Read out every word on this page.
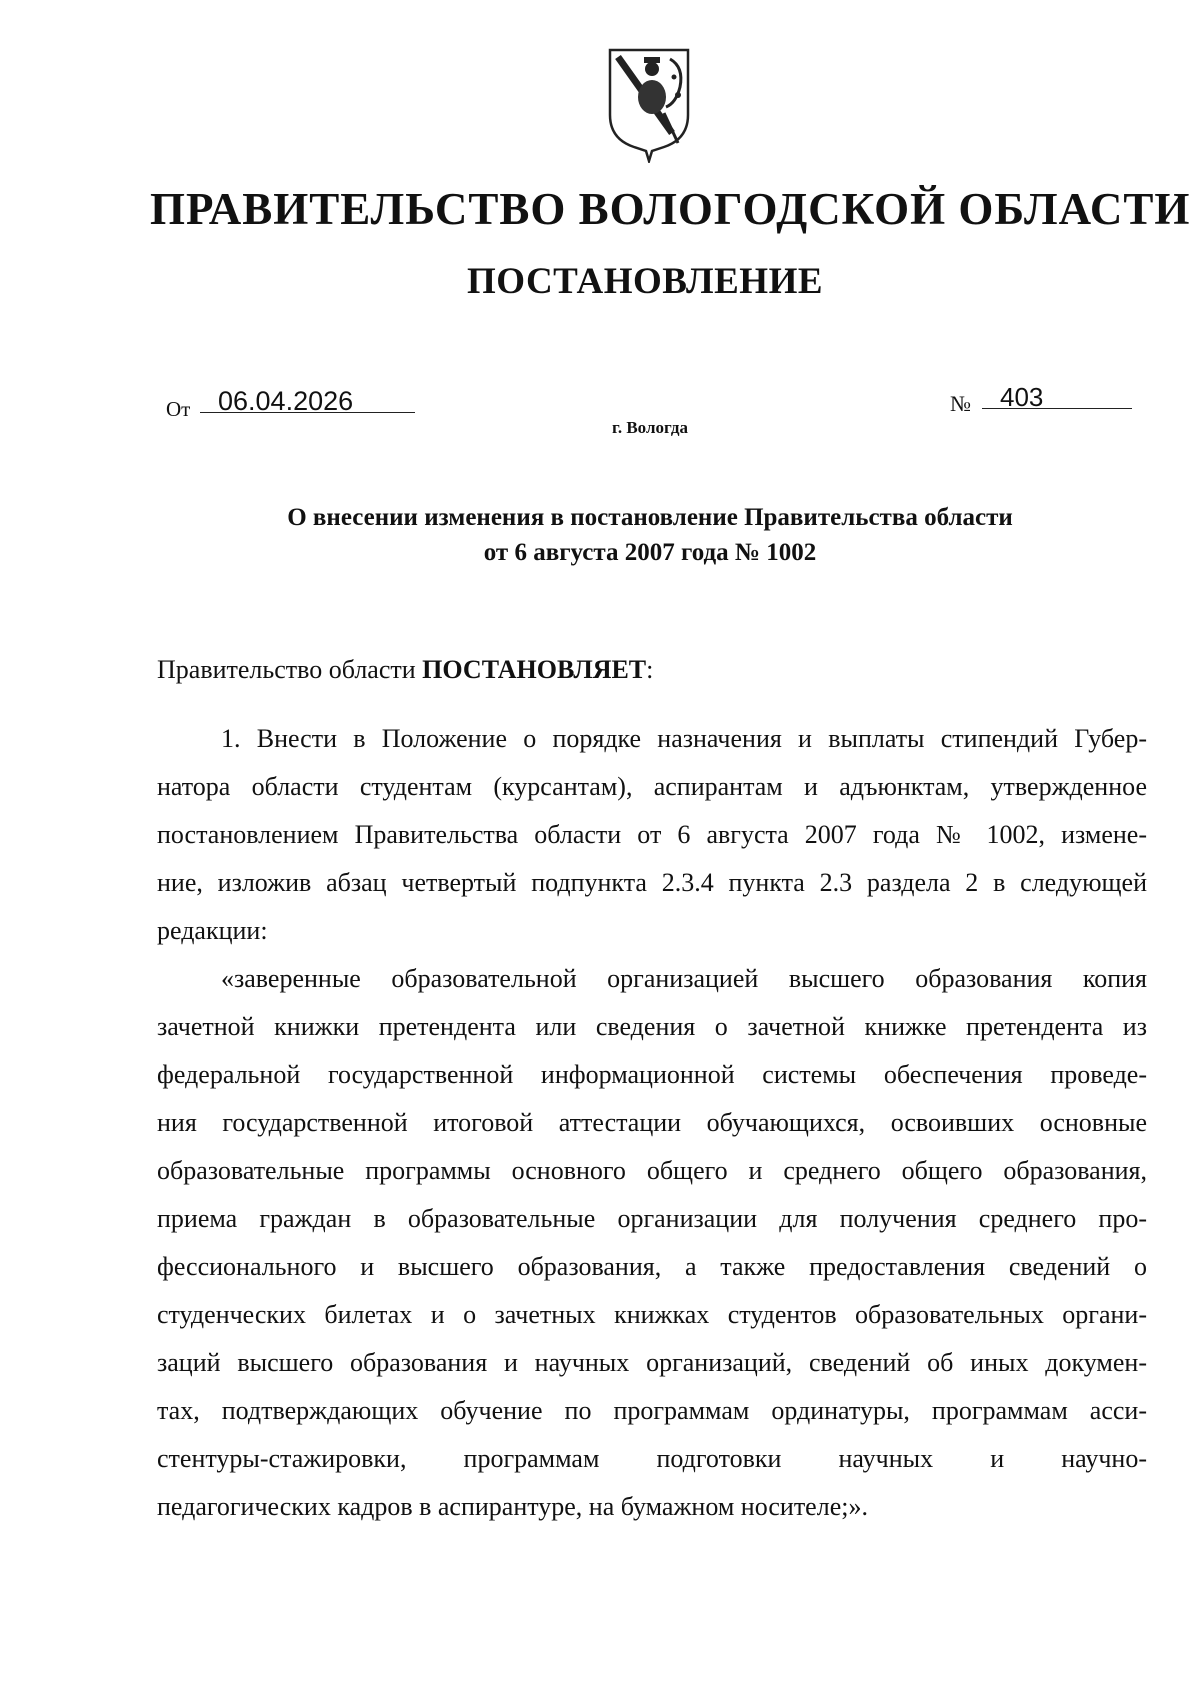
ПРАВИТЕЛЬСТВО ВОЛОГОДСКОЙ ОБЛАСТИ
ПОСТАНОВЛЕНИЕ
От 06.04.2026	№ 403
г. Вологда
О внесении изменения в постановление Правительства области
от 6 августа 2007 года № 1002
Правительство области ПОСТАНОВЛЯЕТ:
1. Внести в Положение о порядке назначения и выплаты стипендий Губер-
натора области студентам (курсантам), аспирантам и адъюнктам, утвержденное
постановлением Правительства области от 6 августа 2007 года № 1002, измене-
ние, изложив абзац четвертый подпункта 2.3.4 пункта 2.3 раздела 2 в следующей
редакции:
«заверенные образовательной организацией высшего образования копия
зачетной книжки претендента или сведения о зачетной книжке претендента из
федеральной государственной информационной системы обеспечения проведе-
ния государственной итоговой аттестации обучающихся, освоивших основные
образовательные программы основного общего и среднего общего образования,
приема граждан в образовательные организации для получения среднего про-
фессионального и высшего образования, а также предоставления сведений о
студенческих билетах и о зачетных книжках студентов образовательных органи-
заций высшего образования и научных организаций, сведений об иных докумен-
тах, подтверждающих обучение по программам ординатуры, программам асси-
стентуры-стажировки, программам подготовки научных и научно-
педагогических кадров в аспирантуре, на бумажном носителе;».
